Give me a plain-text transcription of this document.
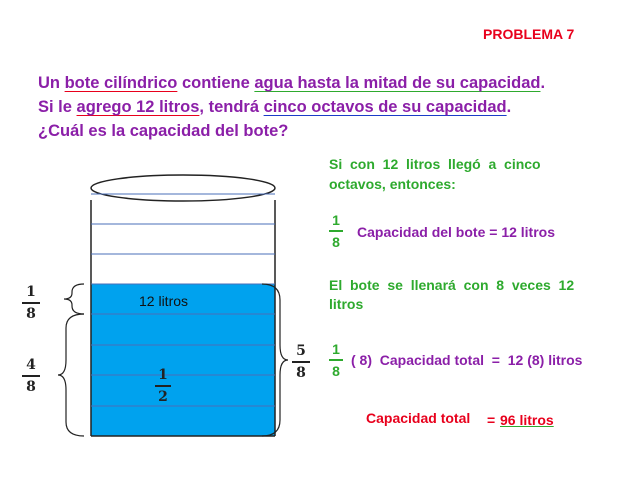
PROBLEMA 7
Un bote cilíndrico contiene agua hasta la mitad de su capacidad.
Si le agrego 12 litros, tendrá cinco octavos de su capacidad.
¿Cuál es la capacidad del bote?
12 litros
1
2
1
8
4
8
5
8
Si  con  12  litros  llegó  a  cinco
octavos, entonces:
1
8
Capacidad del bote = 12 litros
El  bote  se  llenará  con  8  veces  12
litros
1
8
( 8)  Capacidad total  =  12 (8) litros
Capacidad total = 96 litros
